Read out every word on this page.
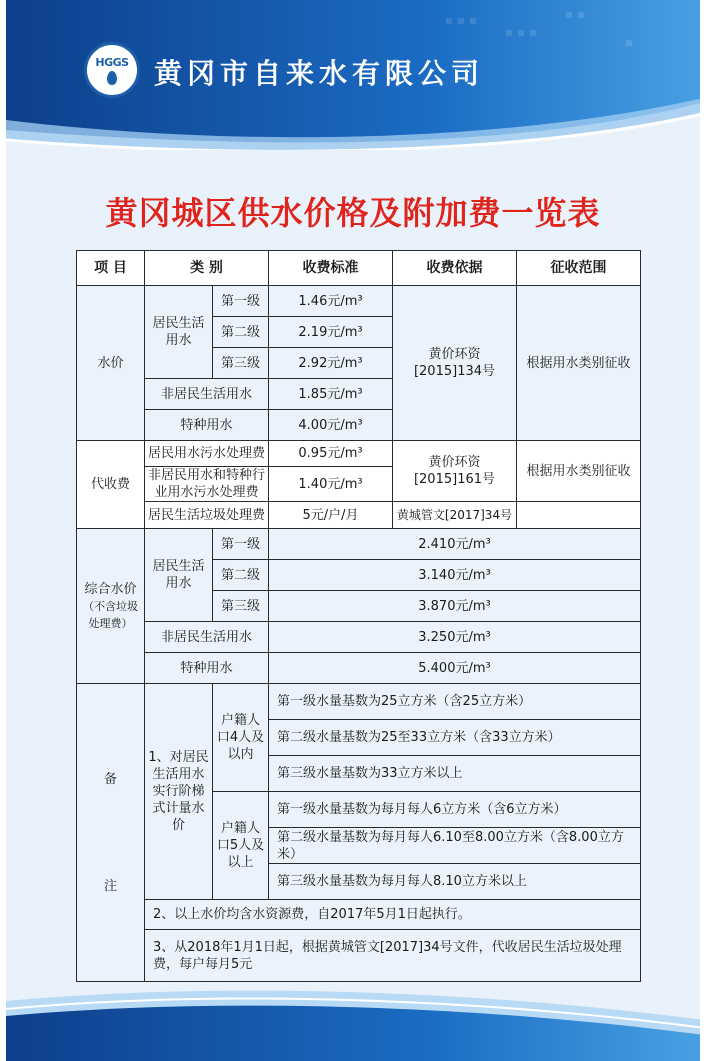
HGGS 黄冈市自来水有限公司
黄冈城区供水价格及附加费一览表
项 目	类 别		收费标准	收费依据	征收范围
水价	居民生活用水	第一级	1.46元/m³	黄价环资[2015]134号	根据用水类别征收
		第二级	2.19元/m³		
		第三级	2.92元/m³		
	非居民生活用水		1.85元/m³		
	特种用水		4.00元/m³		
代收费	居民用水污水处理费		0.95元/m³	黄价环资[2015]161号	根据用水类别征收
	非居民用水和特种行业用水污水处理费		1.40元/m³		
	居民生活垃圾处理费		5元/户/月	黄城管文[2017]34号	
综合水价
（不含垃圾处理费）	居民生活用水	第一级	2.410元/m³		
		第二级	3.140元/m³		
		第三级	3.870元/m³		
	非居民生活用水		3.250元/m³		
	特种用水		5.400元/m³		

备
注	1、对居民生活用水实行阶梯式计量水价	户籍人口4人及以内	第一级水量基数为25立方米（含25立方米）		
			第二级水量基数为25至33立方米（含33立方米）		
			第三级水量基数为33立方米以上		
		户籍人口5人及以上	第一级水量基数为每月每人6立方米（含6立方米）		
			第二级水量基数为每月每人6.10至8.00立方米（含8.00立方米）		
			第三级水量基数为每月每人8.10立方米以上		
	2、以上水价均含水资源费，自2017年5月1日起执行。				
	3、从2018年1月1日起，根据黄城管文[2017]34号文件，代收居民生活垃圾处理费，每户每月5元				
